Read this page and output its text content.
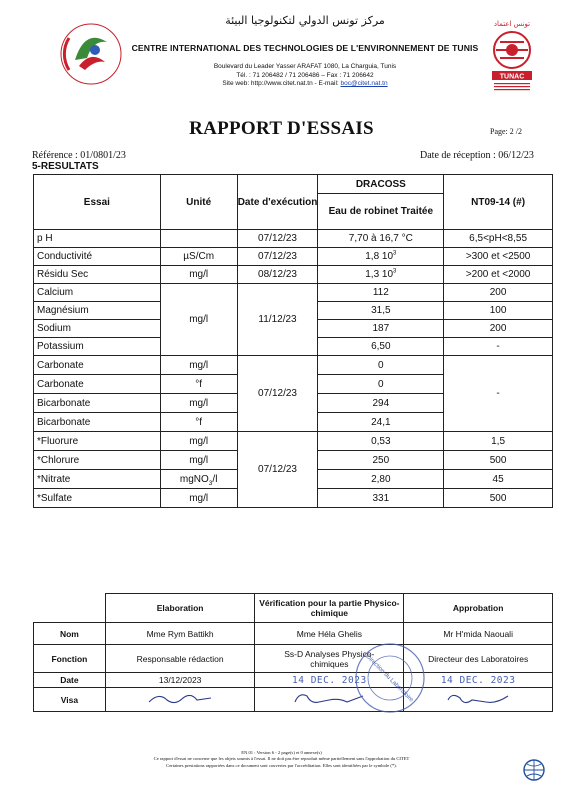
تونس اعتماد
TUNAC
مركز تونس الدولي لتكنولوجيا البيئة
CENTRE INTERNATIONAL DES TECHNOLOGIES DE L'ENVIRONNEMENT DE TUNIS
Boulevard du Leader Yasser ARAFAT 1080, La Charguia, Tunis
Tél. : 71 206482 / 71 206486 – Fax : 71 206642
Site web: http://www.citet.nat.tn - E-mail: boc@citet.nat.tn
Page: 2 /2
RAPPORT D'ESSAIS
Référence : 01/0801/23	Date de réception : 06/12/23
5-RESULTATS
Essai	Unité	Date d'exécution	DRACOSS	NT09-14 (#)
			Eau de robinet Traitée	
p H		07/12/23	7,70 à 16,7 °C	6,5<pH<8,55
Conductivité	µS/Cm	07/12/23	1,8 $10^3$	>300 et <2500
Résidu Sec	mg/l	08/12/23	1,3 $10^3$	>200 et <2000
Calcium	mg/l	11/12/23	112	200
Magnésium			31,5	100
Sodium			187	200
Potassium			6,50	-
Carbonate	mg/l	07/12/23	0	-
Carbonate	°f		0	
Bicarbonate	mg/l		294	
Bicarbonate	°f		24,1	
*Fluorure	mg/l	07/12/23	0,53	1,5
*Chlorure	mg/l		250	500
*Nitrate	mgNO$_3$/l		2,80	45
*Sulfate	mg/l		331	500
	Elaboration	Vérification pour la partie Physico-chimique	Approbation
Nom	Mme Rym Battikh	Mme Héla Ghelis	Mr H'mida Naouali
Fonction	Responsable rédaction	Ss-D Analyses Physico-chimiques	Directeur des Laboratoires
Date	13/12/2023	14 DEC. 2023	14 DEC. 2023
Visa				Direction du Laboratoire
EN.01 : Version 6 - 2 page(s) et 0 annexe(s)
Ce rapport d'essai ne concerne que les objets soumis à l'essai. Il ne doit pas être reproduit même partiellement sans l'approbation du CITET
Certaines prestations rapportées dans ce document sont couvertes par l'accréditation. Elles sont identifiées par le symbole (*).
